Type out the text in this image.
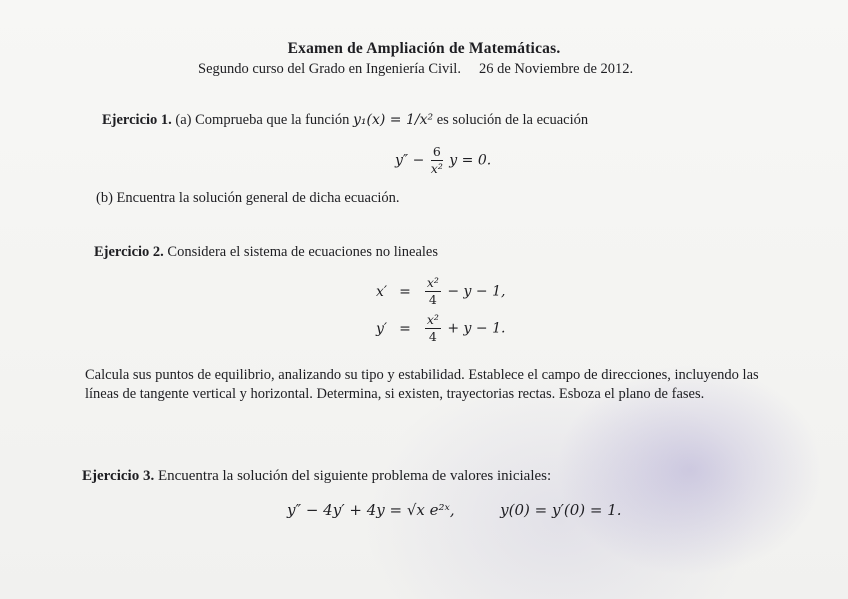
Examen de Ampliación de Matemáticas.
Segundo curso del Grado en Ingeniería Civil. 26 de Noviembre de 2012.
Ejercicio 1. (a) Comprueba que la función y₁(x) = 1/x² es solución de la ecuación
$y'' - \frac{6}{\text{x²}}$ y = 0.
(b) Encuentra la solución general de dicha ecuación.
Ejercicio 2. Considera el sistema de ecuaciones no lineales
x′	=	$\frac{\text{x²}}{4} - y - 1$,
y′	=	$\frac{\text{x²}}{4} + y - 1$.
Calcula sus puntos de equilibrio, analizando su tipo y estabilidad. Establece el campo de direcciones, incluyendo las líneas de tangente vertical y horizontal. Determina, si existen, trayectorias rectas. Esboza el plano de fases.
Ejercicio 3. Encuentra la solución del siguiente problema de valores iniciales:
y″ − 4y′ + 4y = √x e²ˣ,	y(0) = y′(0) = 1.
